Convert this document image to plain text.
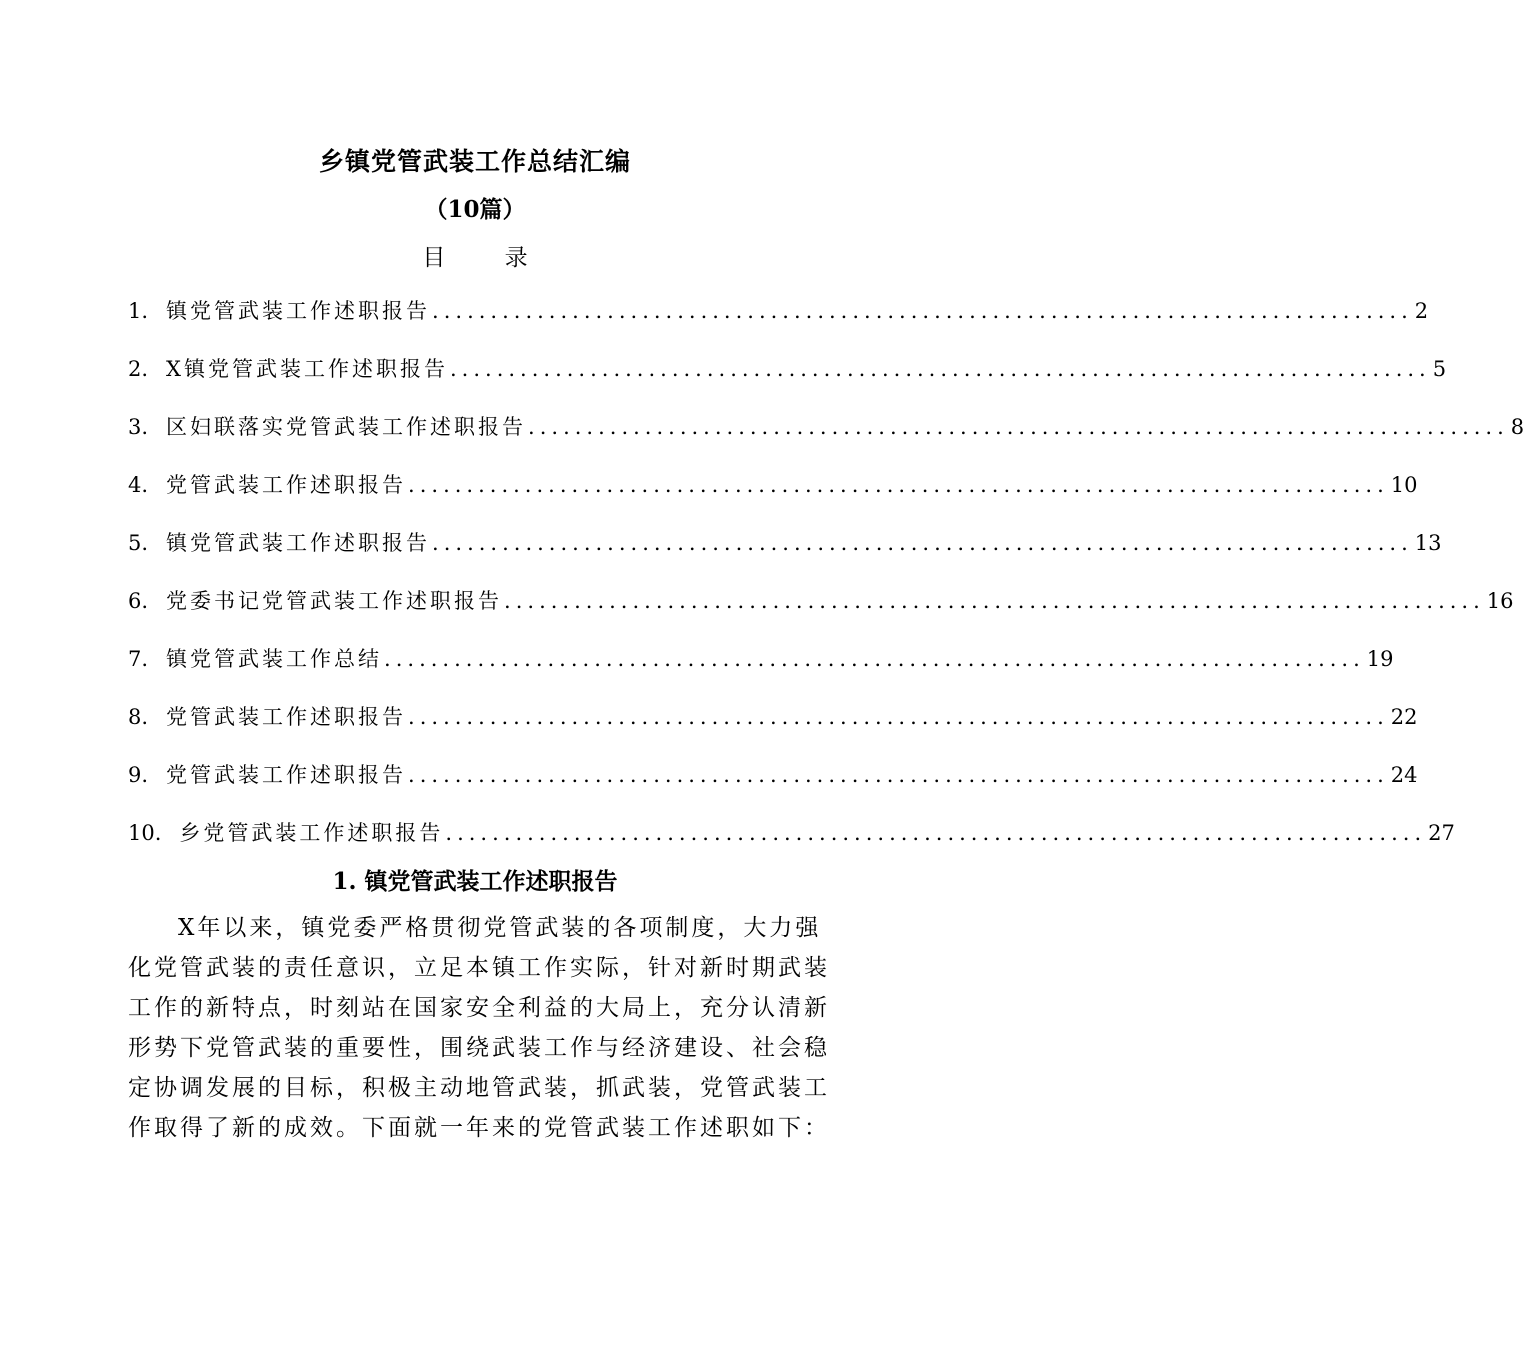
乡镇党管武装工作总结汇编
（10篇）
目 录
1. 镇党管武装工作述职报告 .................................................................................... 2
2. X镇党管武装工作述职报告 .................................................................................... 5
3. 区妇联落实党管武装工作述职报告 .................................................................................... 8
4. 党管武装工作述职报告 .................................................................................... 10
5. 镇党管武装工作述职报告 .................................................................................... 13
6. 党委书记党管武装工作述职报告 .................................................................................... 16
7. 镇党管武装工作总结 .................................................................................... 19
8. 党管武装工作述职报告 .................................................................................... 22
9. 党管武装工作述职报告 .................................................................................... 24
10. 乡党管武装工作述职报告 .................................................................................... 27
1. 镇党管武装工作述职报告
X年以来，镇党委严格贯彻党管武装的各项制度，大力强
化党管武装的责任意识，立足本镇工作实际，针对新时期武装
工作的新特点，时刻站在国家安全利益的大局上，充分认清新
形势下党管武装的重要性，围绕武装工作与经济建设、社会稳
定协调发展的目标，积极主动地管武装，抓武装，党管武装工
作取得了新的成效。下面就一年来的党管武装工作述职如下：
